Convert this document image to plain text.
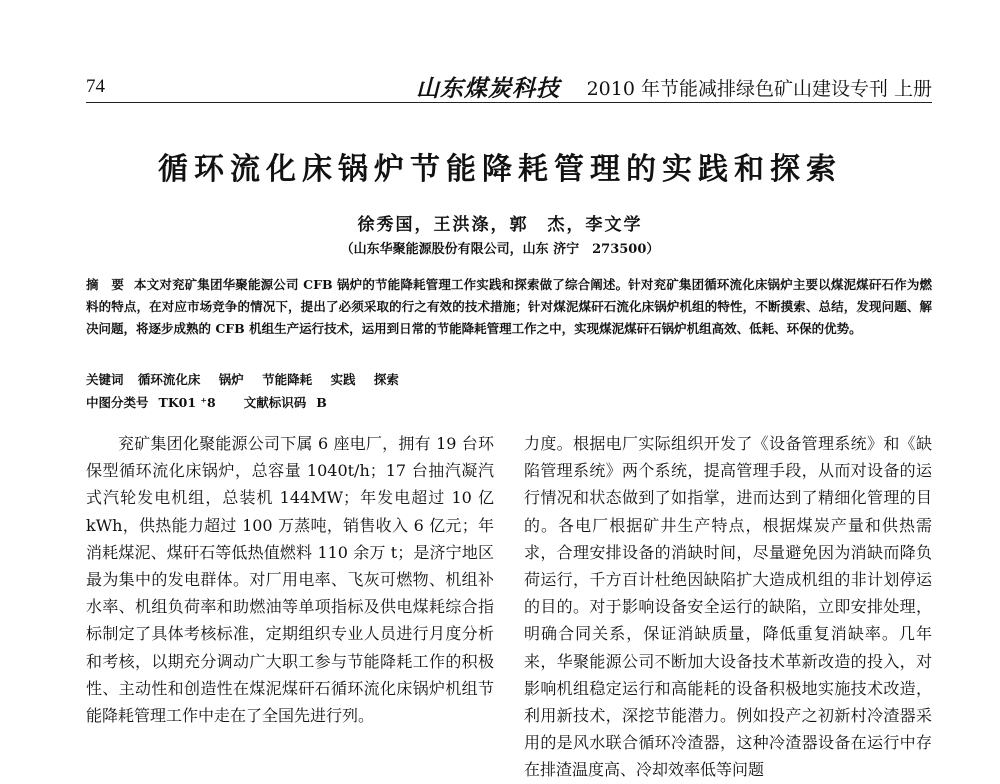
74	山东煤炭科技 2010 年节能减排绿色矿山建设专刊 上册
循环流化床锅炉节能降耗管理的实践和探索
徐秀国，王洪涤，郭　杰，李文学
（山东华聚能源股份有限公司，山东 济宁　273500）
摘　要 本文对兖矿集团华聚能源公司 CFB 锅炉的节能降耗管理工作实践和探索做了综合阐述。针对兖矿集团循环流化床锅炉主要以煤泥煤矸石作为燃料的特点，在对应市场竞争的情况下，提出了必须采取的行之有效的技术措施；针对煤泥煤矸石流化床锅炉机组的特性，不断摸索、总结，发现问题、解决问题，将逐步成熟的 CFB 机组生产运行技术，运用到日常的节能降耗管理工作之中，实现煤泥煤矸石锅炉机组高效、低耗、环保的优势。
关键词 循环流化床 锅炉 节能降耗 实践 探索
中图分类号 TK01 ⁺8 文献标识码 B

兖矿集团化聚能源公司下属 6 座电厂，拥有 19 台环保型循环流化床锅炉，总容量 1040t/h；17 台抽汽凝汽式汽轮发电机组，总装机 144MW；年发电超过 10 亿 kWh，供热能力超过 100 万蒸吨，销售收入 6 亿元；年消耗煤泥、煤矸石等低热值燃料 110 余万 t；是济宁地区最为集中的发电群体。对厂用电率、飞灰可燃物、机组补水率、机组负荷率和助燃油等单项指标及供电煤耗综合指标制定了具体考核标准，定期组织专业人员进行月度分析和考核，以期充分调动广大职工参与节能降耗工作的积极性、主动性和创造性在煤泥煤矸石循环流化床锅炉机组节能降耗管理工作中走在了全国先进行列。

力度。根据电厂实际组织开发了《设备管理系统》和《缺陷管理系统》两个系统，提高管理手段，从而对设备的运行情况和状态做到了如指掌，进而达到了精细化管理的目的。各电厂根据矿井生产特点，根据煤炭产量和供热需求，合理安排设备的消缺时间，尽量避免因为消缺而降负荷运行，千方百计杜绝因缺陷扩大造成机组的非计划停运的目的。对于影响设备安全运行的缺陷，立即安排处理，明确合同关系，保证消缺质量，降低重复消缺率。几年来，华聚能源公司不断加大设备技术革新改造的投入，对影响机组稳定运行和高能耗的设备积极地实施技术改造，利用新技术，深挖节能潜力。例如投产之初新村冷渣器采用的是风水联合循环冷渣器，这种冷渣器设备在运行中存在排渣温度高、冷却效率低等问题
